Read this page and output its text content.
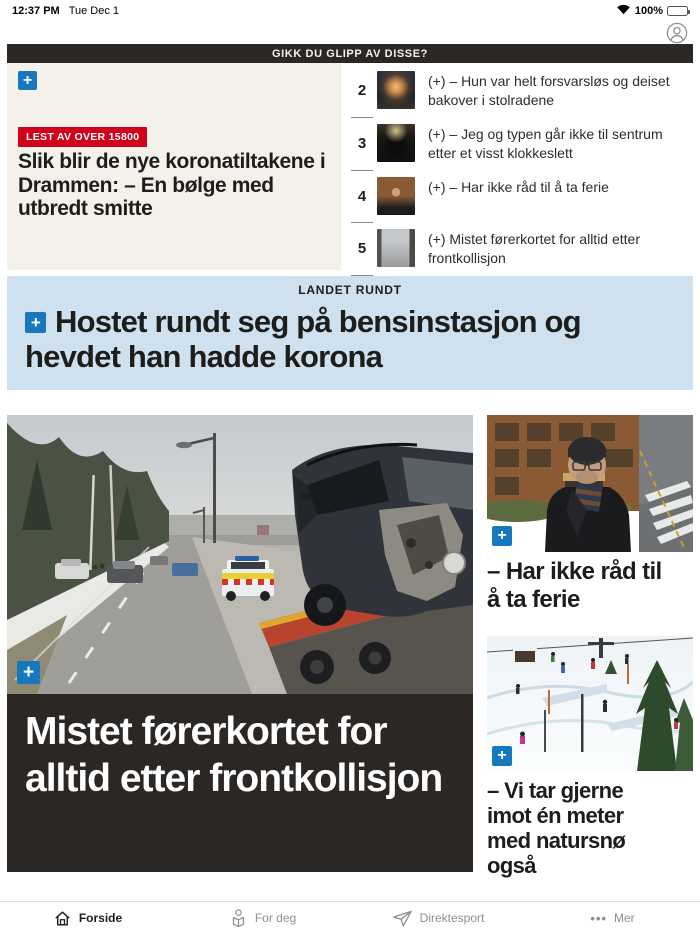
12:37 PM Tue Dec 1	100%
GIKK DU GLIPP AV DISSE?
+
LEST AV OVER 15800
Slik blir de nye koronatiltakene i Drammen: – En bølge med utbredt smitte
2
(+) – Hun var helt forsvarsløs og deiset bakover i stolradene
3
(+) – Jeg og typen går ikke til sentrum etter et visst klokkeslett
4
(+) – Har ikke råd til å ta ferie
5
(+) Mistet førerkortet for alltid etter frontkollisjon
LANDET RUNDT
+Hostet rundt seg på bensinstasjon og hevdet han hadde korona
+
Mistet førerkortet for alltid etter frontkollisjon
+
– Har ikke råd til å ta ferie
+
– Vi tar gjerne imot én meter med natursnø også
Forside	For deg	Direktesport	••• Mer
